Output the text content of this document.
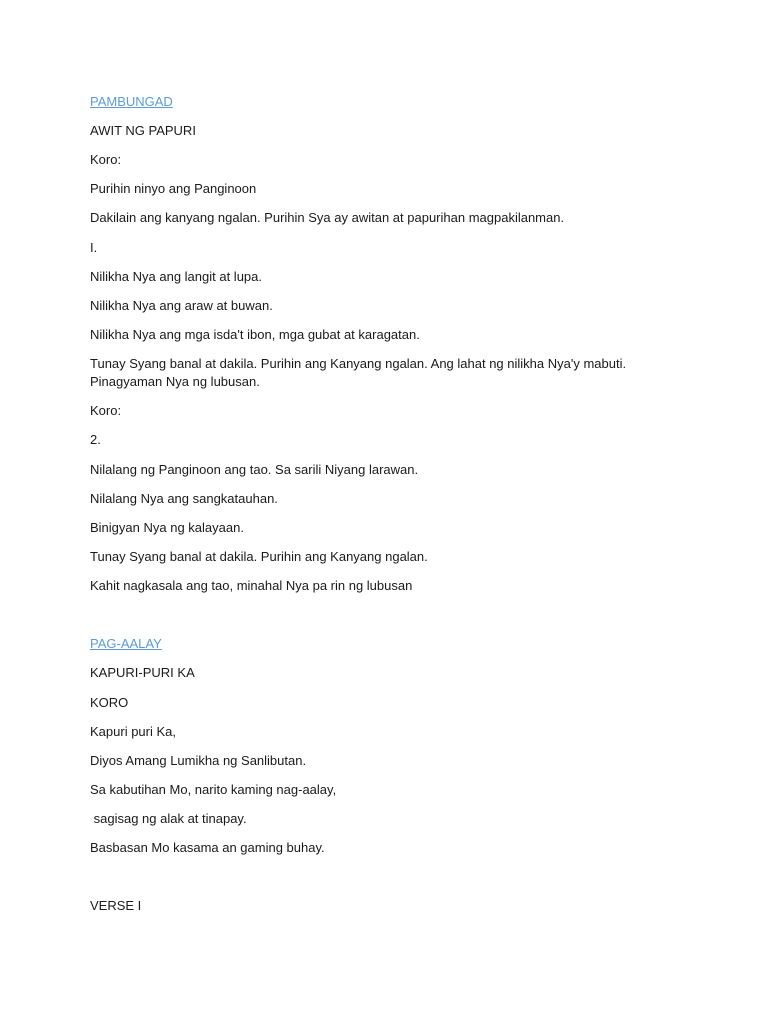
PAMBUNGAD

AWIT NG PAPURI

Koro:

Purihin ninyo ang Panginoon

Dakilain ang kanyang ngalan. Purihin Sya ay awitan at papurihan magpakilanman.

I.

Nilikha Nya ang langit at lupa.

Nilikha Nya ang araw at buwan.

Nilikha Nya ang mga isda't ibon, mga gubat at karagatan.

Tunay Syang banal at dakila. Purihin ang Kanyang ngalan. Ang lahat ng nilikha Nya'y mabuti. Pinagyaman Nya ng lubusan.

Koro:

2.

Nilalang ng Panginoon ang tao. Sa sarili Niyang larawan.

Nilalang Nya ang sangkatauhan.

Binigyan Nya ng kalayaan.

Tunay Syang banal at dakila. Purihin ang Kanyang ngalan.

Kahit nagkasala ang tao, minahal Nya pa rin ng lubusan

PAG-AALAY

KAPURI-PURI KA

KORO

Kapuri puri Ka,

Diyos Amang Lumikha ng Sanlibutan.

Sa kabutihan Mo, narito kaming nag-aalay,

sagisag ng alak at tinapay.

Basbasan Mo kasama an gaming buhay.

VERSE I
